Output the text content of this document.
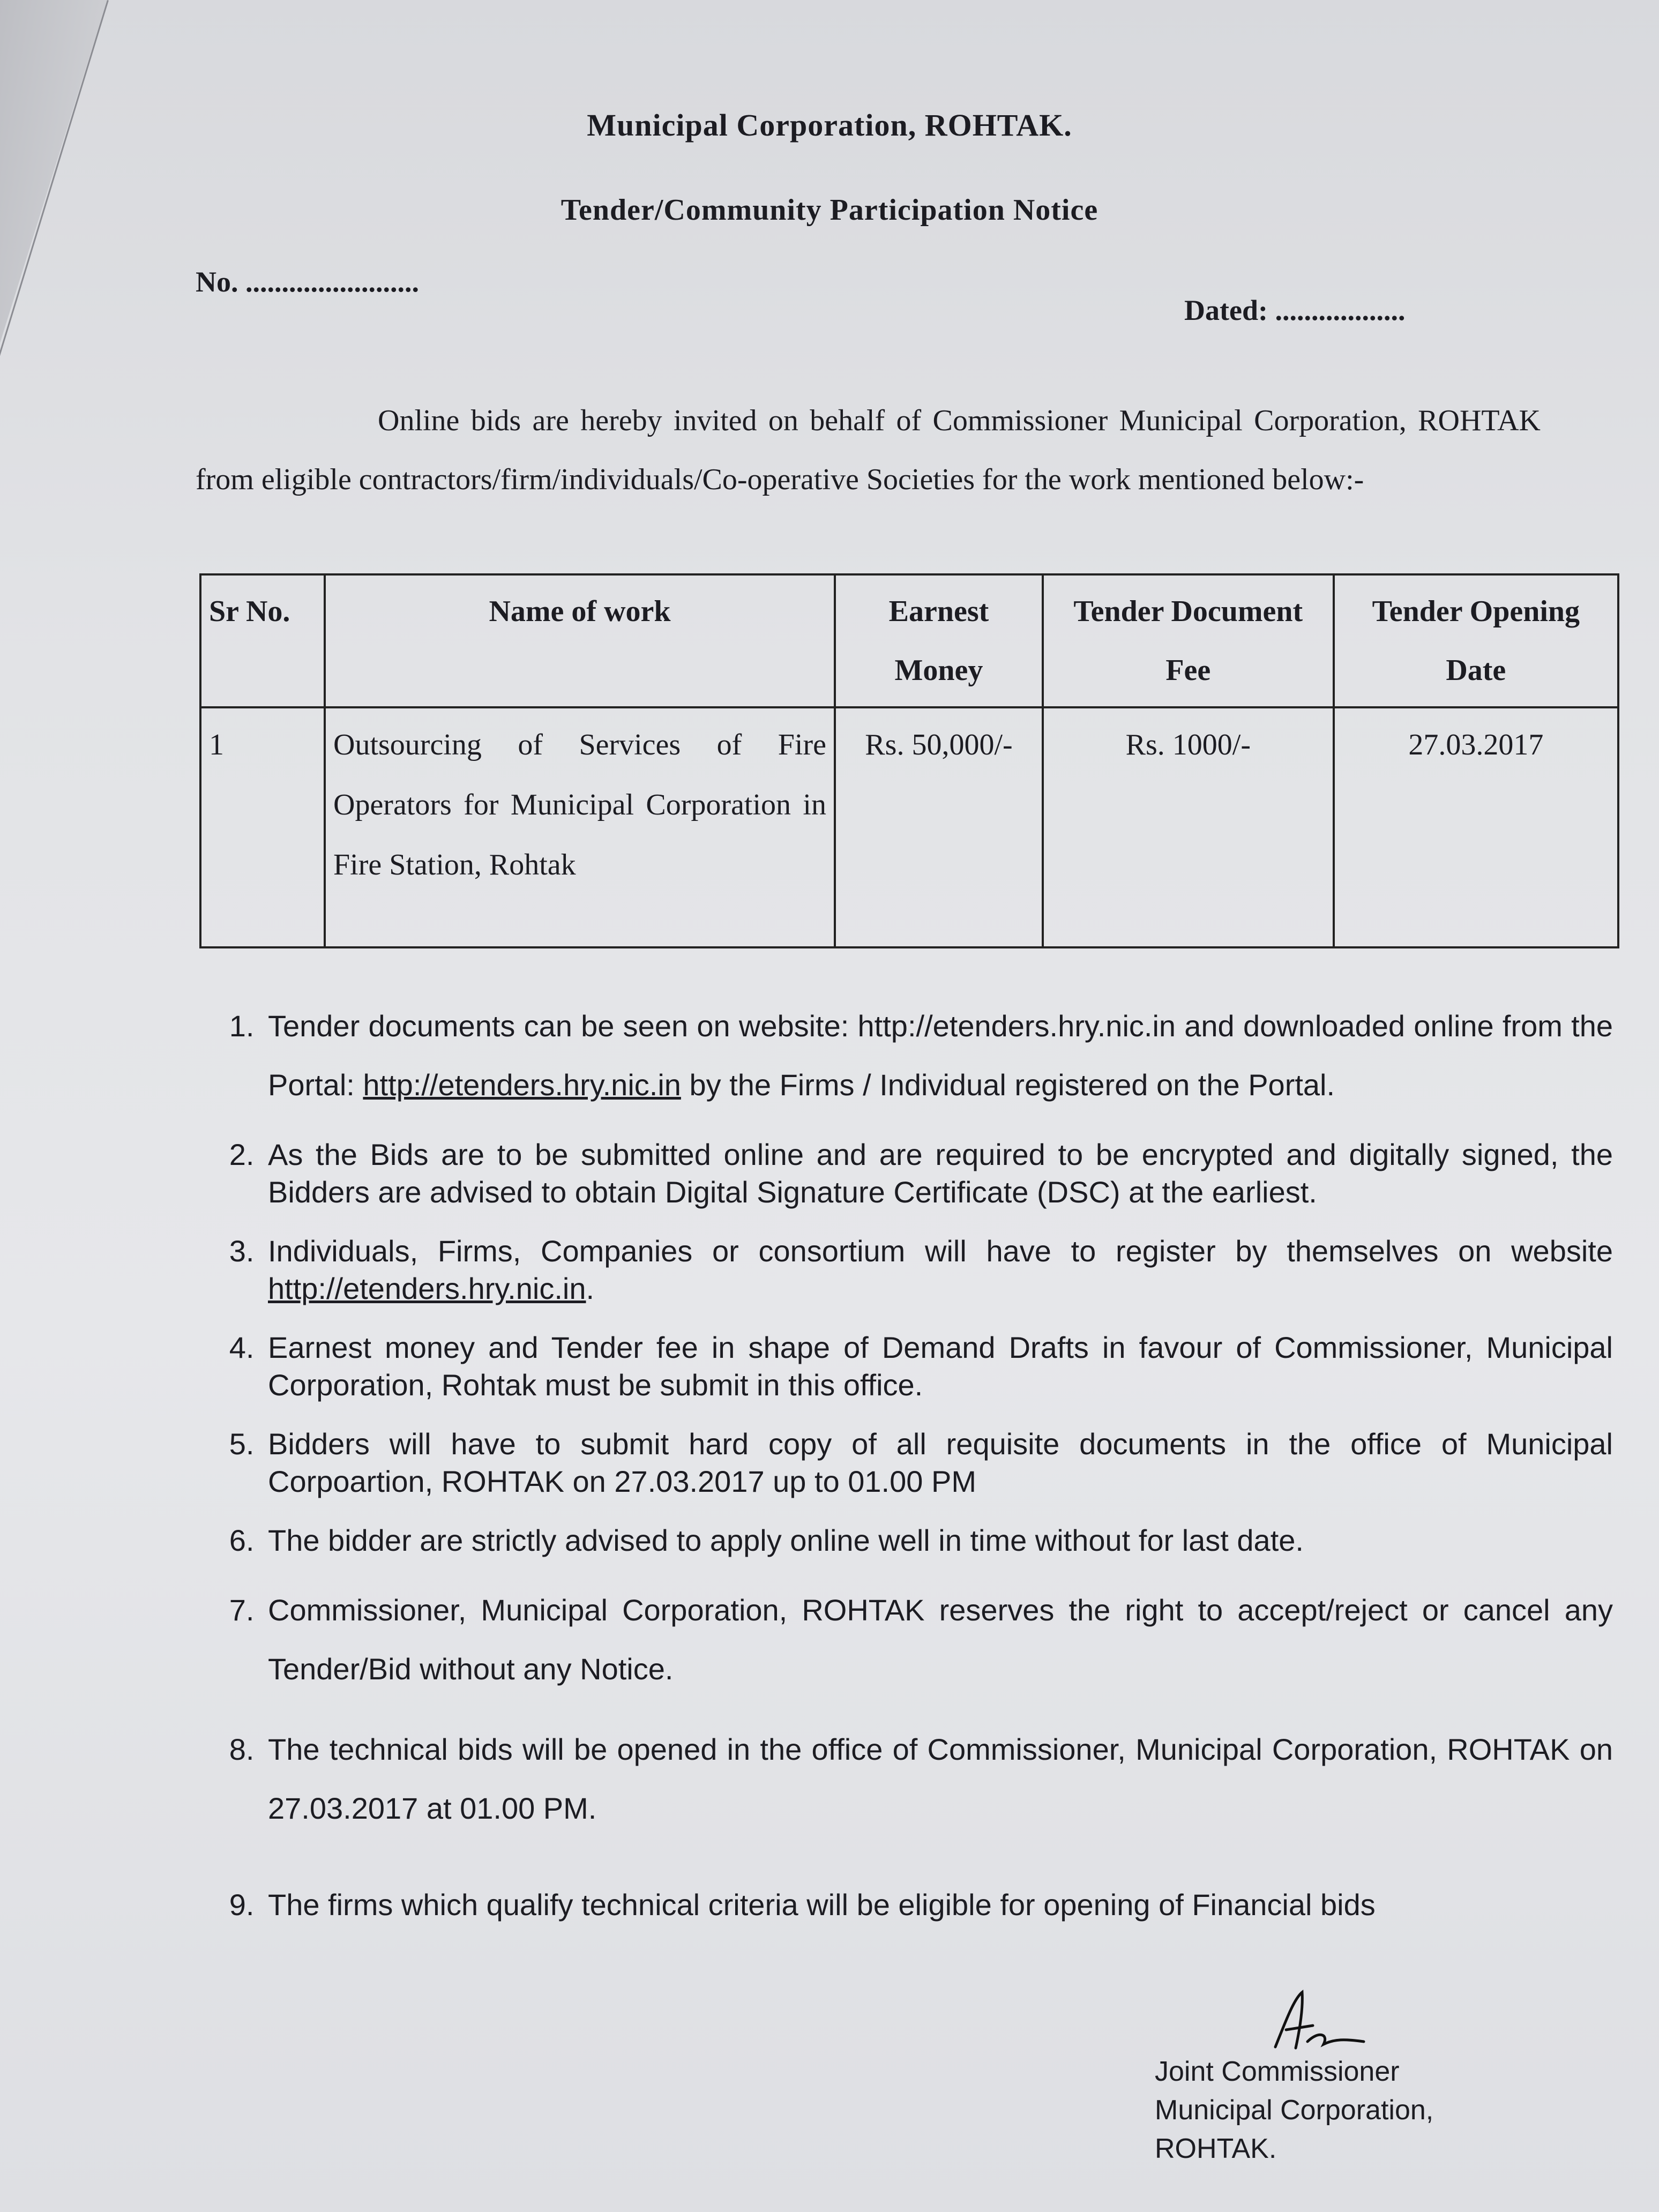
Municipal Corporation, ROHTAK.
Tender/Community Participation Notice
No. ........................
Dated: ..................
Online bids are hereby invited on behalf of Commissioner Municipal Corporation, ROHTAK from eligible contractors/firm/individuals/Co-operative Societies for the work mentioned below:-
Sr No.	Name of work	Earnest Money	Tender Document Fee	Tender Opening Date
1	Outsourcing of Services of Fire Operators for Municipal Corporation in Fire Station, Rohtak	Rs. 50,000/-	Rs. 1000/-	27.03.2017
1. Tender documents can be seen on website: http://etenders.hry.nic.in and downloaded online from the Portal: http://etenders.hry.nic.in by the Firms / Individual registered on the Portal.
2. As the Bids are to be submitted online and are required to be encrypted and digitally signed, the Bidders are advised to obtain Digital Signature Certificate (DSC) at the earliest.
3. Individuals, Firms, Companies or consortium will have to register by themselves on website http://etenders.hry.nic.in.
4. Earnest money and Tender fee in shape of Demand Drafts in favour of Commissioner, Municipal Corporation, Rohtak must be submit in this office.
5. Bidders will have to submit hard copy of all requisite documents in the office of Municipal Corpoartion, ROHTAK on 27.03.2017 up to 01.00 PM
6. The bidder are strictly advised to apply online well in time without for last date.
7. Commissioner, Municipal Corporation, ROHTAK reserves the right to accept/reject or cancel any Tender/Bid without any Notice.
8. The technical bids will be opened in the office of Commissioner, Municipal Corporation, ROHTAK on 27.03.2017 at 01.00 PM.
9. The firms which qualify technical criteria will be eligible for opening of Financial bids
Joint Commissioner
Municipal Corporation,
ROHTAK.
